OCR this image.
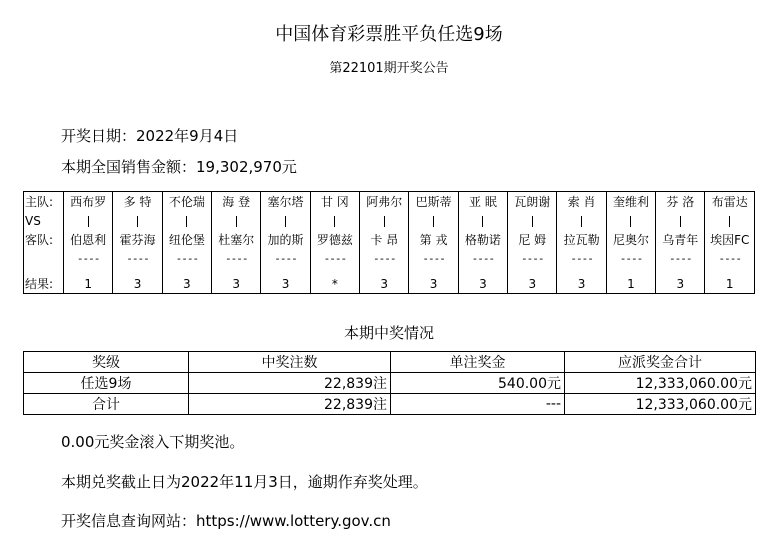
中国体育彩票胜平负任选9场
第22101期开奖公告
开奖日期：2022年9月4日
本期全国销售金额：19,302,970元
主队:	西布罗	多 特	不伦瑞	海 登	塞尔塔	甘 冈	阿弗尔	巴斯蒂	亚 眠	瓦朗谢	索 肖	奎维利	芬 洛	布雷达
VS														
客队:	伯恩利	霍芬海	纽伦堡	杜塞尔	加的斯	罗德兹	卡 昂	第 戎	格勒诺	尼 姆	拉瓦勒	尼奥尔	乌青年	埃因FC
	----	----	----	----	----	----	----	----	----	----	----	----	----	----

结果:	1	3	3	3	3	*	3	3	3	3	3	1	3	1
本期中奖情况
奖级	中奖注数	单注奖金	应派奖金合计
任选9场	22,839注	540.00元	12,333,060.00元
合计	22,839注	---	12,333,060.00元
0.00元奖金滚入下期奖池。
本期兑奖截止日为2022年11月3日，逾期作弃奖处理。
开奖信息查询网站：https://www.lottery.gov.cn
